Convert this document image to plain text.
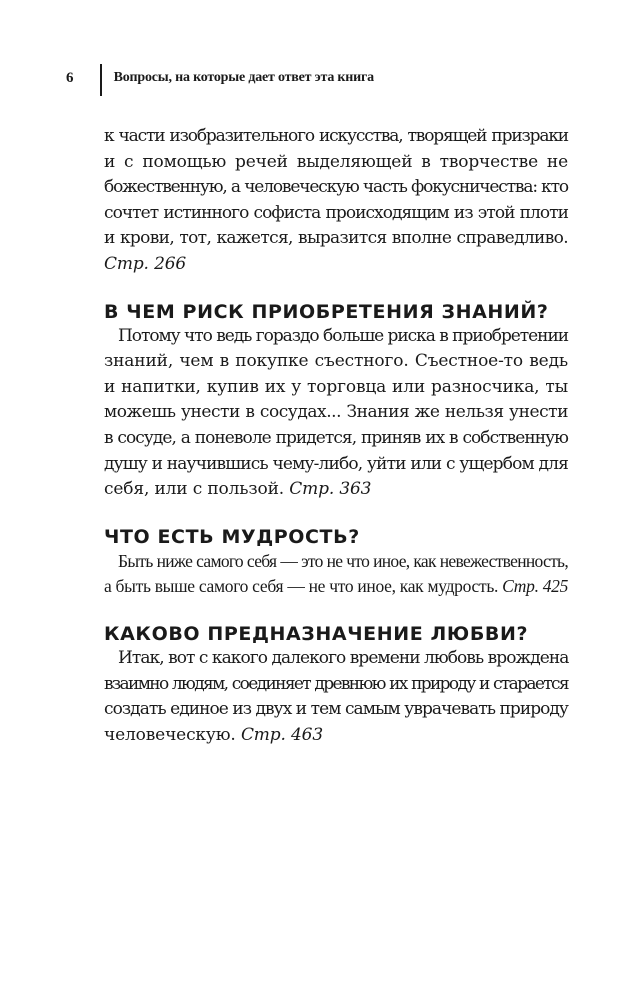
6	Вопросы, на которые дает ответ эта книга

к части изобразительного искусства, творящей призраки
и с помощью речей выделяющей в творчестве не
божественную, а человеческую часть фокусничества: кто
сочтет истинного софиста происходящим из этой плоти
и крови, тот, кажется, выразится вполне справедливо.
Стр. 266

В ЧЕМ РИСК ПРИОБРЕТЕНИЯ ЗНАНИЙ?

Потому что ведь гораздо больше риска в приобретении
знаний, чем в покупке съестного. Съестное-то ведь
и напитки, купив их у торговца или разносчика, ты
можешь унести в сосудах... Знания же нельзя унести
в сосуде, а поневоле придется, приняв их в собственную
душу и научившись чему-либо, уйти или с ущербом для
себя, или с пользой. Стр. 363

ЧТО ЕСТЬ МУДРОСТЬ?

Быть ниже самого себя — это не что иное, как невежественность,
а быть выше самого себя — не что иное, как мудрость. Стр. 425

КАКОВО ПРЕДНАЗНАЧЕНИЕ ЛЮБВИ?

Итак, вот с какого далекого времени любовь врождена
взаимно людям, соединяет древнюю их природу и старается
создать единое из двух и тем самым уврачевать природу
человеческую. Стр. 463
